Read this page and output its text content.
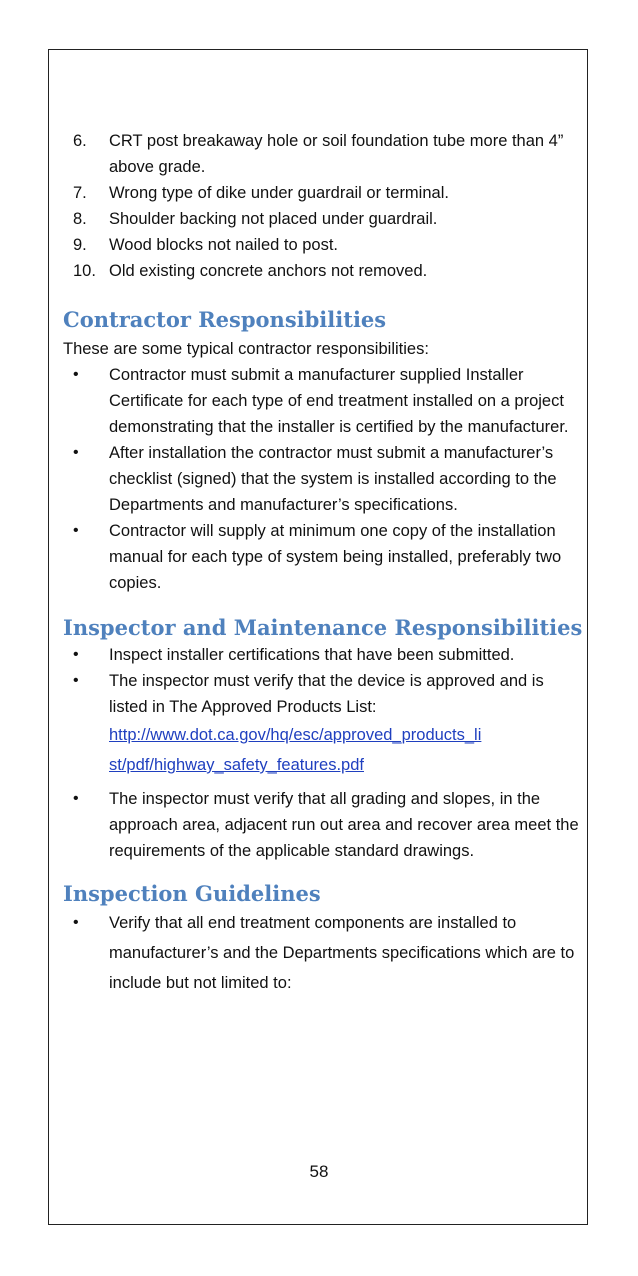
6. CRT post breakaway hole or soil foundation tube more than 4” above grade.
7. Wrong type of dike under guardrail or terminal.
8. Shoulder backing not placed under guardrail.
9. Wood blocks not nailed to post.
10. Old existing concrete anchors not removed.
Contractor Responsibilities

These are some typical contractor responsibilities:

• Contractor must submit a manufacturer supplied Installer Certificate for each type of end treatment installed on a project demonstrating that the installer is certified by the manufacturer.
• After installation the contractor must submit a manufacturer’s checklist (signed) that the system is installed according to the Departments and manufacturer’s specifications.
• Contractor will supply at minimum one copy of the installation manual for each type of system being installed, preferably two copies.
Inspector and Maintenance Responsibilities
• Inspect installer certifications that have been submitted.
• The inspector must verify that the device is approved and is listed in The Approved Products List:
http://www.dot.ca.gov/hq/esc/approved_products_li
st/pdf/highway_safety_features.pdf
• The inspector must verify that all grading and slopes, in the approach area, adjacent run out area and recover area meet the requirements of the applicable standard drawings.
Inspection Guidelines
• Verify that all end treatment components are installed to manufacturer’s and the Departments specifications which are to include but not limited to:
58
